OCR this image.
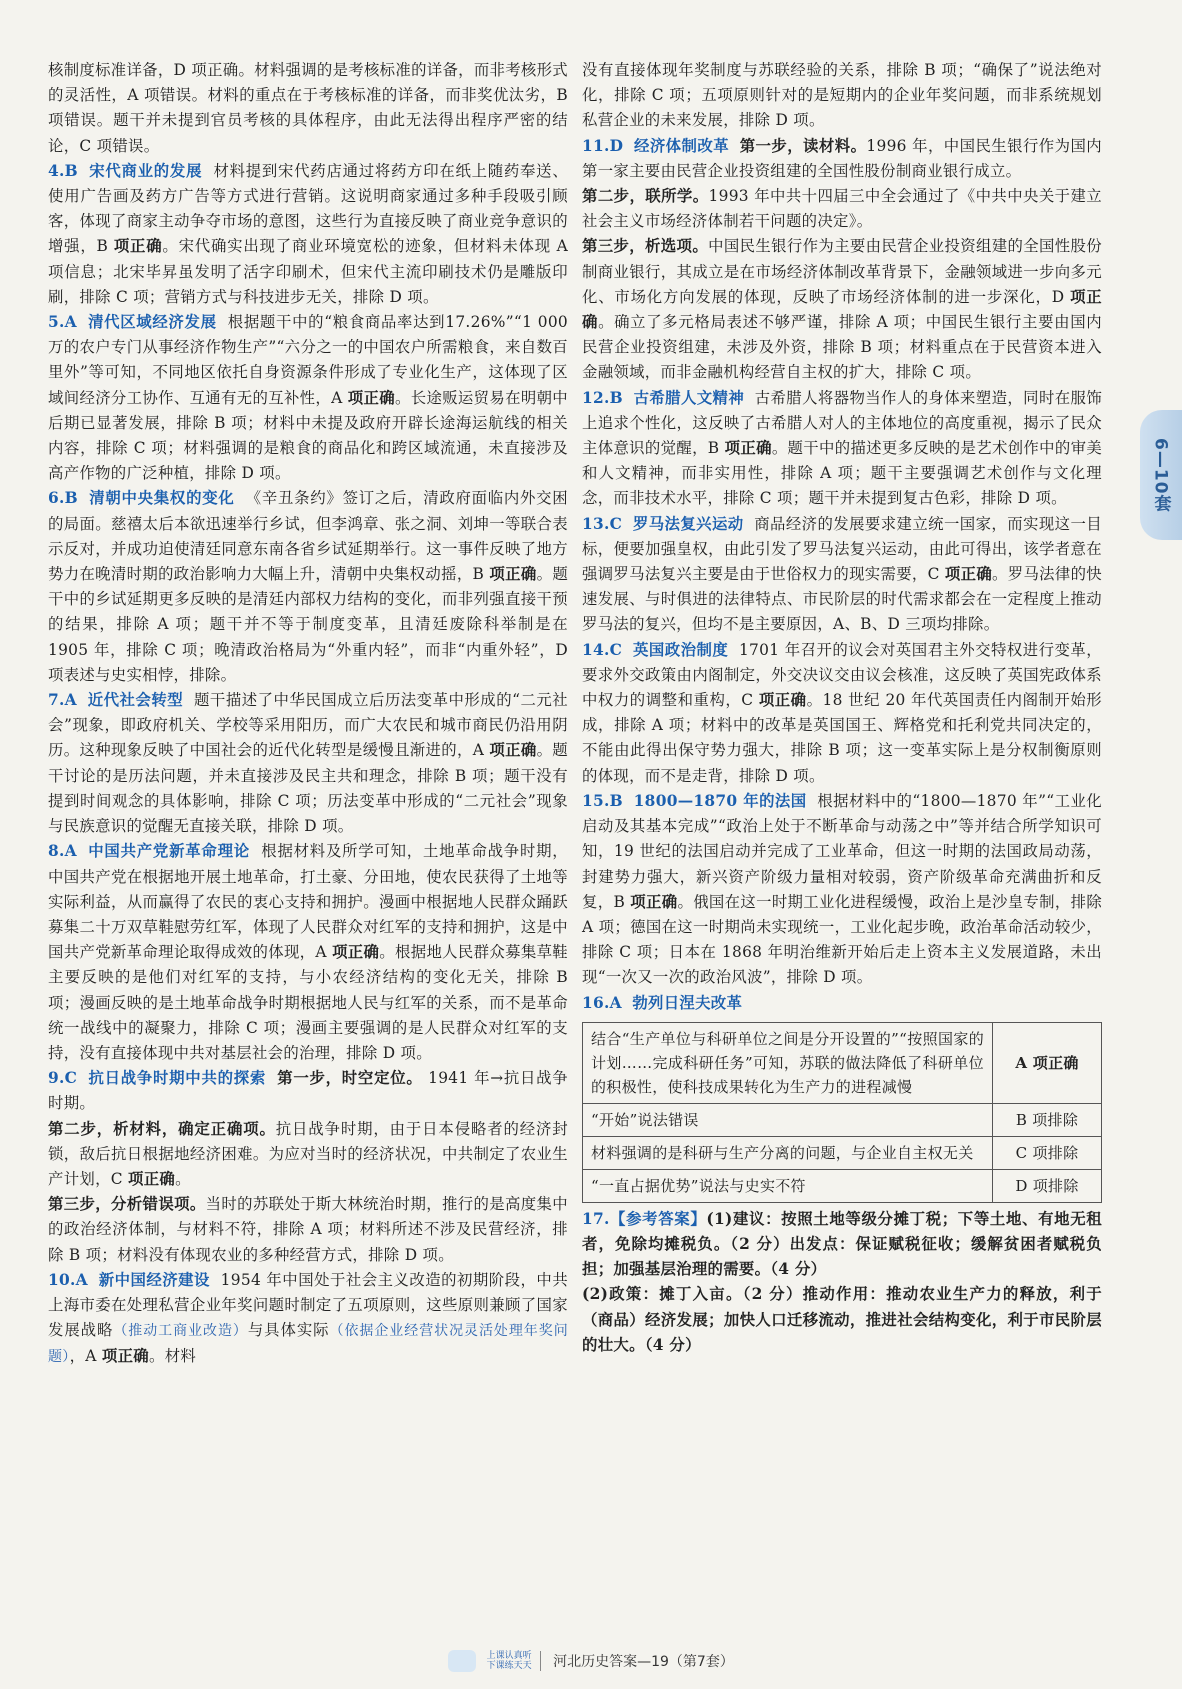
核制度标准详备，D 项正确。材料强调的是考核标准的详备，而非考核形式的灵活性，A 项错误。材料的重点在于考核标准的详备，而非奖优汰劣，B 项错误。题干并未提到官员考核的具体程序，由此无法得出程序严密的结论，C 项错误。

4.B 宋代商业的发展 材料提到宋代药店通过将药方印在纸上随药奉送、使用广告画及药方广告等方式进行营销。这说明商家通过多种手段吸引顾客，体现了商家主动争夺市场的意图，这些行为直接反映了商业竞争意识的增强，B 项正确。宋代确实出现了商业环境宽松的迹象，但材料未体现 A 项信息；北宋毕昇虽发明了活字印刷术，但宋代主流印刷技术仍是雕版印刷，排除 C 项；营销方式与科技进步无关，排除 D 项。

5.A 清代区域经济发展 根据题干中的“粮食商品率达到17.26%”“1 000 万的农户专门从事经济作物生产”“六分之一的中国农户所需粮食，来自数百里外”等可知，不同地区依托自身资源条件形成了专业化生产，这体现了区域间经济分工协作、互通有无的互补性，A 项正确。长途贩运贸易在明朝中后期已显著发展，排除 B 项；材料中未提及政府开辟长途海运航线的相关内容，排除 C 项；材料强调的是粮食的商品化和跨区域流通，未直接涉及高产作物的广泛种植，排除 D 项。

6.B 清朝中央集权的变化 《辛丑条约》签订之后，清政府面临内外交困的局面。慈禧太后本欲迅速举行乡试，但李鸿章、张之洞、刘坤一等联合表示反对，并成功迫使清廷同意东南各省乡试延期举行。这一事件反映了地方势力在晚清时期的政治影响力大幅上升，清朝中央集权动摇，B 项正确。题干中的乡试延期更多反映的是清廷内部权力结构的变化，而非列强直接干预的结果，排除 A 项；题干并不等于制度变革，且清廷废除科举制是在 1905 年，排除 C 项；晚清政治格局为“外重内轻”，而非“内重外轻”，D 项表述与史实相悖，排除。

7.A 近代社会转型 题干描述了中华民国成立后历法变革中形成的“二元社会”现象，即政府机关、学校等采用阳历，而广大农民和城市商民仍沿用阴历。这种现象反映了中国社会的近代化转型是缓慢且渐进的，A 项正确。题干讨论的是历法问题，并未直接涉及民主共和理念，排除 B 项；题干没有提到时间观念的具体影响，排除 C 项；历法变革中形成的“二元社会”现象与民族意识的觉醒无直接关联，排除 D 项。

8.A 中国共产党新革命理论 根据材料及所学可知，土地革命战争时期，中国共产党在根据地开展土地革命，打土豪、分田地，使农民获得了土地等实际利益，从而赢得了农民的衷心支持和拥护。漫画中根据地人民群众踊跃募集二十万双草鞋慰劳红军，体现了人民群众对红军的支持和拥护，这是中国共产党新革命理论取得成效的体现，A 项正确。根据地人民群众募集草鞋主要反映的是他们对红军的支持，与小农经济结构的变化无关，排除 B 项；漫画反映的是土地革命战争时期根据地人民与红军的关系，而不是革命统一战线中的凝聚力，排除 C 项；漫画主要强调的是人民群众对红军的支持，没有直接体现中共对基层社会的治理，排除 D 项。

9.C 抗日战争时期中共的探索 第一步，时空定位。 1941 年→抗日战争时期。

第二步，析材料，确定正确项。抗日战争时期，由于日本侵略者的经济封锁，敌后抗日根据地经济困难。为应对当时的经济状况，中共制定了农业生产计划，C 项正确。

第三步，分析错误项。当时的苏联处于斯大林统治时期，推行的是高度集中的政治经济体制，与材料不符，排除 A 项；材料所述不涉及民营经济，排除 B 项；材料没有体现农业的多种经营方式，排除 D 项。

10.A 新中国经济建设 1954 年中国处于社会主义改造的初期阶段，中共上海市委在处理私营企业年奖问题时制定了五项原则，这些原则兼顾了国家发展战略（推动工商业改造）与具体实际（依据企业经营状况灵活处理年奖问题），A 项正确。材料

没有直接体现年奖制度与苏联经验的关系，排除 B 项；“确保了”说法绝对化，排除 C 项；五项原则针对的是短期内的企业年奖问题，而非系统规划私营企业的未来发展，排除 D 项。

11.D 经济体制改革 第一步，读材料。1996 年，中国民生银行作为国内第一家主要由民营企业投资组建的全国性股份制商业银行成立。

第二步，联所学。1993 年中共十四届三中全会通过了《中共中央关于建立社会主义市场经济体制若干问题的决定》。

第三步，析选项。中国民生银行作为主要由民营企业投资组建的全国性股份制商业银行，其成立是在市场经济体制改革背景下，金融领域进一步向多元化、市场化方向发展的体现，反映了市场经济体制的进一步深化，D 项正确。确立了多元格局表述不够严谨，排除 A 项；中国民生银行主要由国内民营企业投资组建，未涉及外资，排除 B 项；材料重点在于民营资本进入金融领域，而非金融机构经营自主权的扩大，排除 C 项。

12.B 古希腊人文精神 古希腊人将器物当作人的身体来塑造，同时在服饰上追求个性化，这反映了古希腊人对人的主体地位的高度重视，揭示了民众主体意识的觉醒，B 项正确。题干中的描述更多反映的是艺术创作中的审美和人文精神，而非实用性，排除 A 项；题干主要强调艺术创作与文化理念，而非技术水平，排除 C 项；题干并未提到复古色彩，排除 D 项。

13.C 罗马法复兴运动 商品经济的发展要求建立统一国家，而实现这一目标，便要加强皇权，由此引发了罗马法复兴运动，由此可得出，该学者意在强调罗马法复兴主要是由于世俗权力的现实需要，C 项正确。罗马法律的快速发展、与时俱进的法律特点、市民阶层的时代需求都会在一定程度上推动罗马法的复兴，但均不是主要原因，A、B、D 三项均排除。

14.C 英国政治制度 1701 年召开的议会对英国君主外交特权进行变革，要求外交政策由内阁制定，外交决议交由议会核准，这反映了英国宪政体系中权力的调整和重构，C 项正确。18 世纪 20 年代英国责任内阁制开始形成，排除 A 项；材料中的改革是英国国王、辉格党和托利党共同决定的，不能由此得出保守势力强大，排除 B 项；这一变革实际上是分权制衡原则的体现，而不是走背，排除 D 项。

15.B 1800—1870 年的法国 根据材料中的“1800—1870 年”“工业化启动及其基本完成”“政治上处于不断革命与动荡之中”等并结合所学知识可知，19 世纪的法国启动并完成了工业革命，但这一时期的法国政局动荡，封建势力强大，新兴资产阶级力量相对较弱，资产阶级革命充满曲折和反复，B 项正确。俄国在这一时期工业化进程缓慢，政治上是沙皇专制，排除 A 项；德国在这一时期尚未实现统一，工业化起步晚，政治革命活动较少，排除 C 项；日本在 1868 年明治维新开始后走上资本主义发展道路，未出现“一次又一次的政治风波”，排除 D 项。

16.A 勃列日涅夫改革

结合“生产单位与科研单位之间是分开设置的”“按照国家的计划……完成科研任务”可知，苏联的做法降低了科研单位的积极性，使科技成果转化为生产力的进程减慢	A 项正确
“开始”说法错误	B 项排除
材料强调的是科研与生产分离的问题，与企业自主权无关	C 项排除
“一直占据优势”说法与史实不符	D 项排除

17.【参考答案】(1)建议：按照土地等级分摊丁税；下等土地、有地无租者，免除均摊税负。（2 分）出发点：保证赋税征收；缓解贫困者赋税负担；加强基层治理的需要。（4 分）

(2)政策：摊丁入亩。（2 分）推动作用：推动农业生产力的释放，利于（商品）经济发展；加快人口迁移流动，推进社会结构变化，利于市民阶层的壮大。（4 分）

6—10套
上课认真听
下课练天天 河北历史答案—19（第7套）
